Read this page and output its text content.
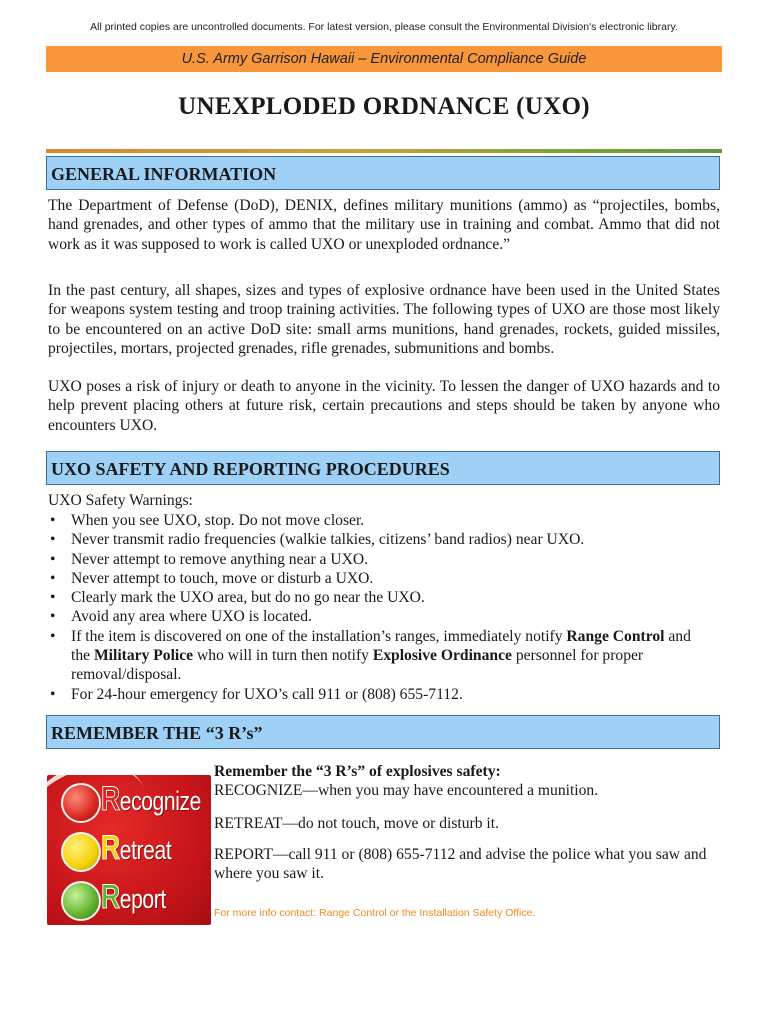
All printed copies are uncontrolled documents. For latest version, please consult the Environmental Division's electronic library.
U.S. Army Garrison Hawaii – Environmental Compliance Guide
UNEXPLODED ORDNANCE (UXO)
GENERAL INFORMATION

The Department of Defense (DoD), DENIX, defines military munitions (ammo) as “projectiles, bombs, hand grenades, and other types of ammo that the military use in training and combat. Ammo that did not work as it was supposed to work is called UXO or unexploded ordnance.”

In the past century, all shapes, sizes and types of explosive ordnance have been used in the United States for weapons system testing and troop training activities. The following types of UXO are those most likely to be encountered on an active DoD site: small arms munitions, hand grenades, rockets, guided missiles, projectiles, mortars, projected grenades, rifle grenades, submunitions and bombs.

UXO poses a risk of injury or death to anyone in the vicinity. To lessen the danger of UXO hazards and to help prevent placing others at future risk, certain precautions and steps should be taken by anyone who encounters UXO.

UXO SAFETY AND REPORTING PROCEDURES

UXO Safety Warnings:

• When you see UXO, stop. Do not move closer.
• Never transmit radio frequencies (walkie talkies, citizens’ band radios) near UXO.
• Never attempt to remove anything near a UXO.
• Never attempt to touch, move or disturb a UXO.
• Clearly mark the UXO area, but do no go near the UXO.
• Avoid any area where UXO is located.
• If the item is discovered on one of the installation’s ranges, immediately notify Range Control and the Military Police who will in turn then notify Explosive Ordinance personnel for proper removal/disposal.
• For 24-hour emergency for UXO’s call 911 or (808) 655-7112.
REMEMBER THE “3 R’s”
Recognize
Retreat
Report

Remember the “3 R’s” of explosives safety:

RECOGNIZE—when you may have encountered a munition.

RETREAT—do not touch, move or disturb it.

REPORT—call 911 or (808) 655-7112 and advise the police what you saw and where you saw it.

For more info contact: Range Control or the Installation Safety Office.
